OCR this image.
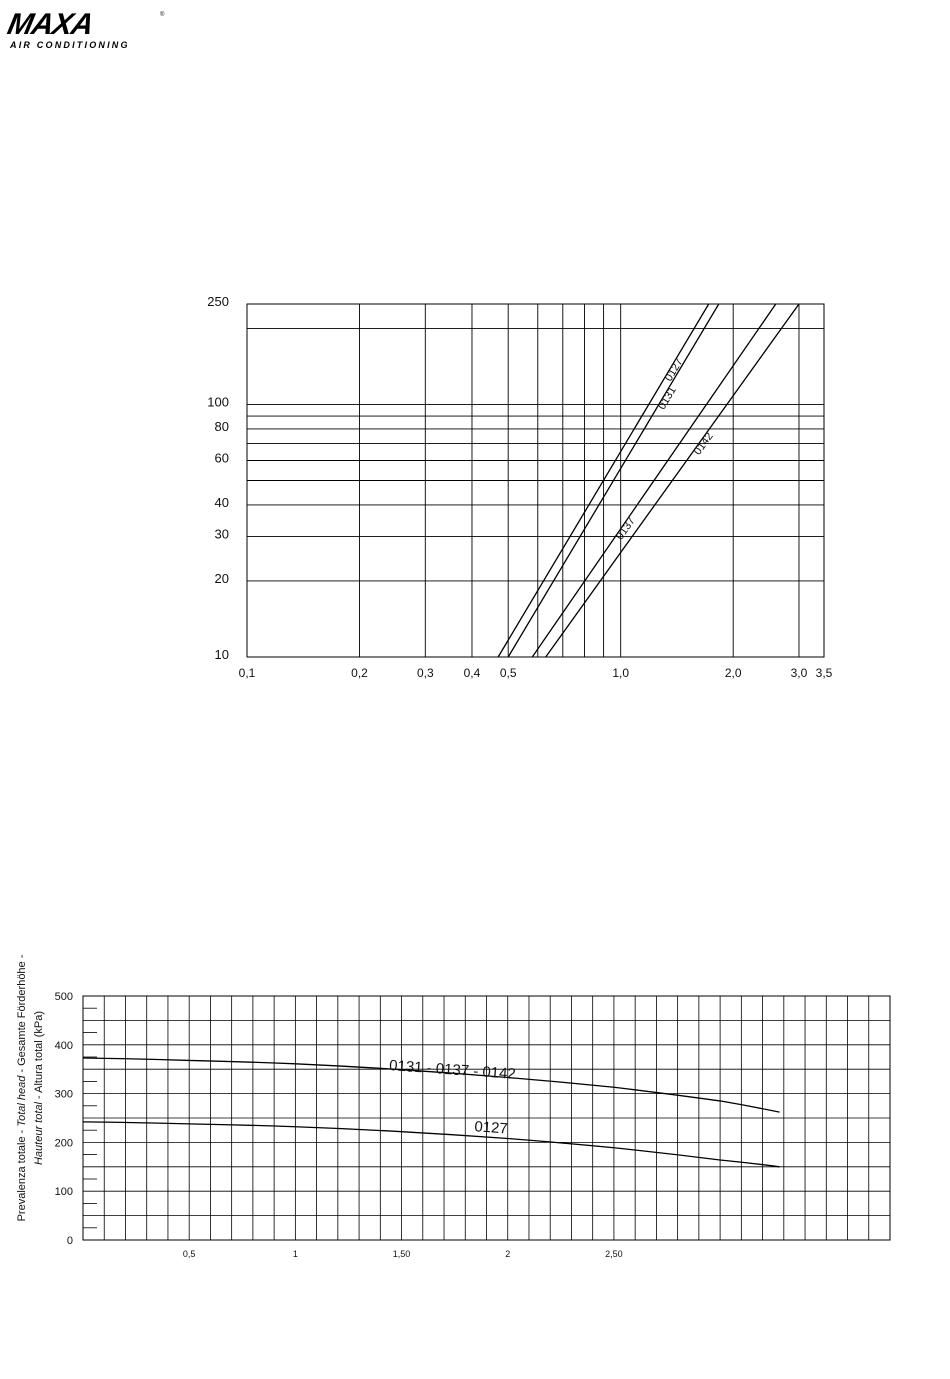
MAXA	®
AIR CONDITIONING
0,1	0,2	0,3	0,4 0,5	1,0	2,0	3,0 3,5
250
100
80
60
40
30
20
10
0127
0131
0137
0142
500
400
300
200
100
0
0,5	1	1,50	2	2,50
Prevalenza totale - Total head - Gesamte Förderhöhe -
Hauteur total - Altura total (kPa)	0131 - 0137 - 0142
0127
